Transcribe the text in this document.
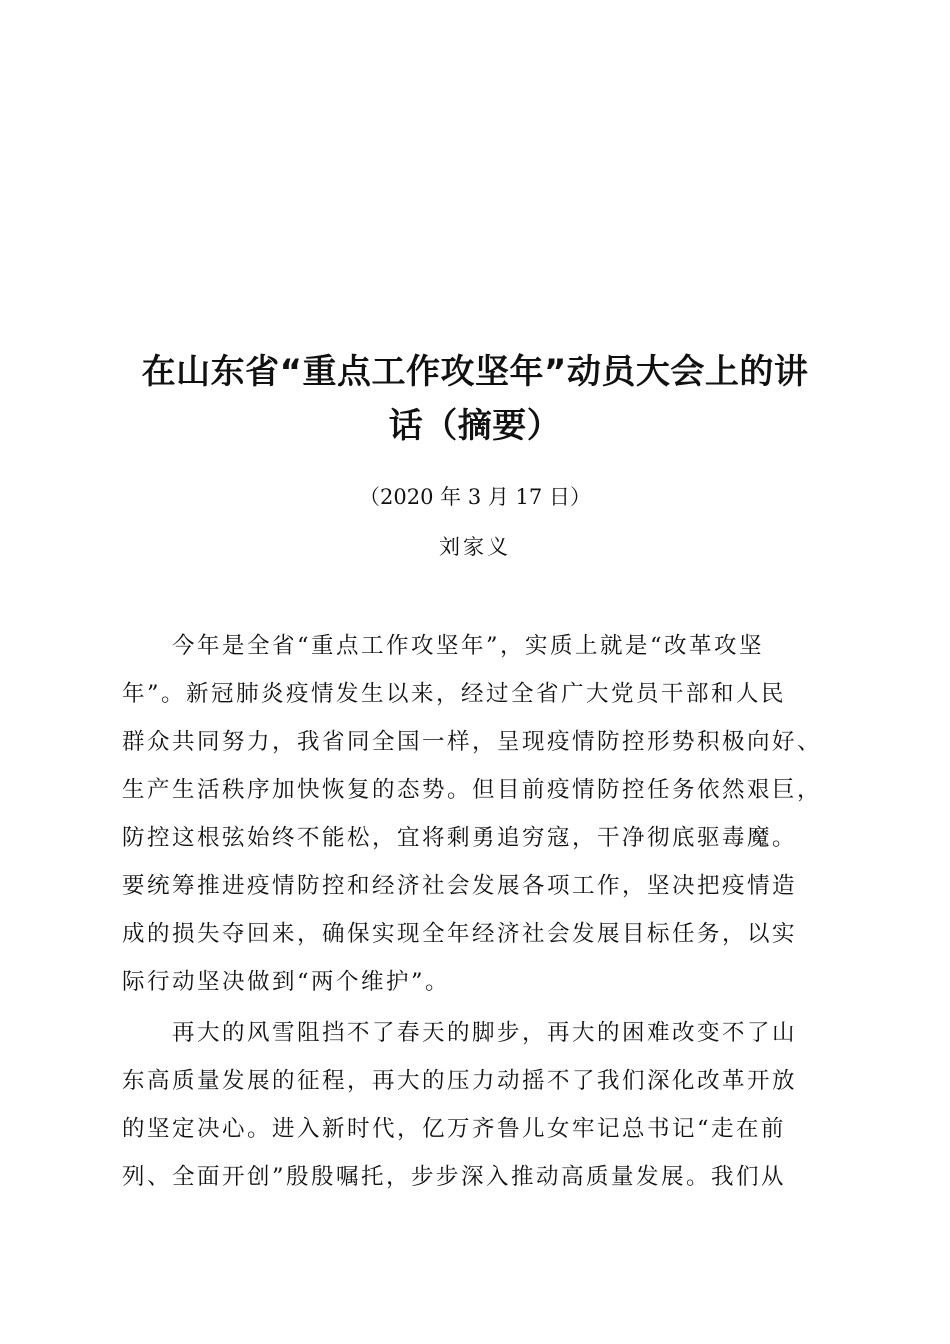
在山东省“重点工作攻坚年”动员大会上的讲
话（摘要）
（2020 年 3 月 17 日）
刘家义

今年是全省“重点工作攻坚年”，实质上就是“改革攻坚
年”。新冠肺炎疫情发生以来，经过全省广大党员干部和人民
群众共同努力，我省同全国一样，呈现疫情防控形势积极向好、
生产生活秩序加快恢复的态势。但目前疫情防控任务依然艰巨，
防控这根弦始终不能松，宜将剩勇追穷寇，干净彻底驱毒魔。
要统筹推进疫情防控和经济社会发展各项工作，坚决把疫情造
成的损失夺回来，确保实现全年经济社会发展目标任务，以实
际行动坚决做到“两个维护”。

再大的风雪阻挡不了春天的脚步，再大的困难改变不了山
东高质量发展的征程，再大的压力动摇不了我们深化改革开放
的坚定决心。进入新时代，亿万齐鲁儿女牢记总书记“走在前
列、全面开创”殷殷嘱托，步步深入推动高质量发展。我们从
